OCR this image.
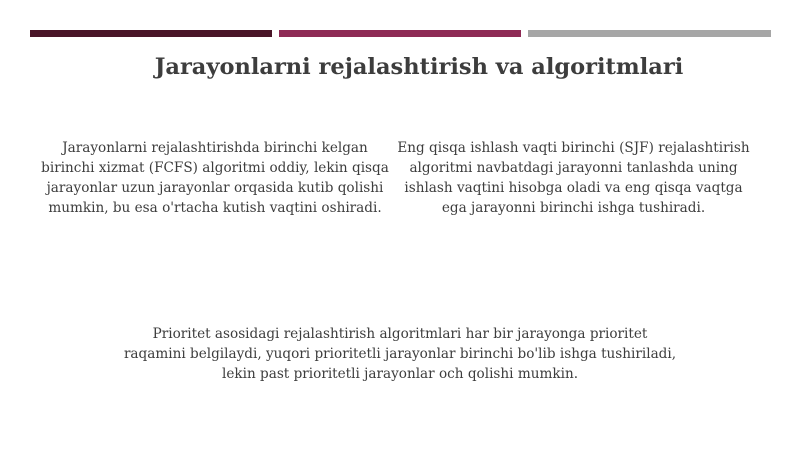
Jarayonlarni rejalashtirish va algoritmlari

Jarayonlarni rejalashtirishda birinchi kelgan birinchi xizmat (FCFS) algoritmi oddiy, lekin qisqa jarayonlar uzun jarayonlar orqasida kutib qolishi mumkin, bu esa o'rtacha kutish vaqtini oshiradi.

Eng qisqa ishlash vaqti birinchi (SJF) rejalashtirish algoritmi navbatdagi jarayonni tanlashda uning ishlash vaqtini hisobga oladi va eng qisqa vaqtga ega jarayonni birinchi ishga tushiradi.

Prioritet asosidagi rejalashtirish algoritmlari har bir jarayonga prioritet raqamini belgilaydi, yuqori prioritetli jarayonlar birinchi bo'lib ishga tushiriladi, lekin past prioritetli jarayonlar och qolishi mumkin.
